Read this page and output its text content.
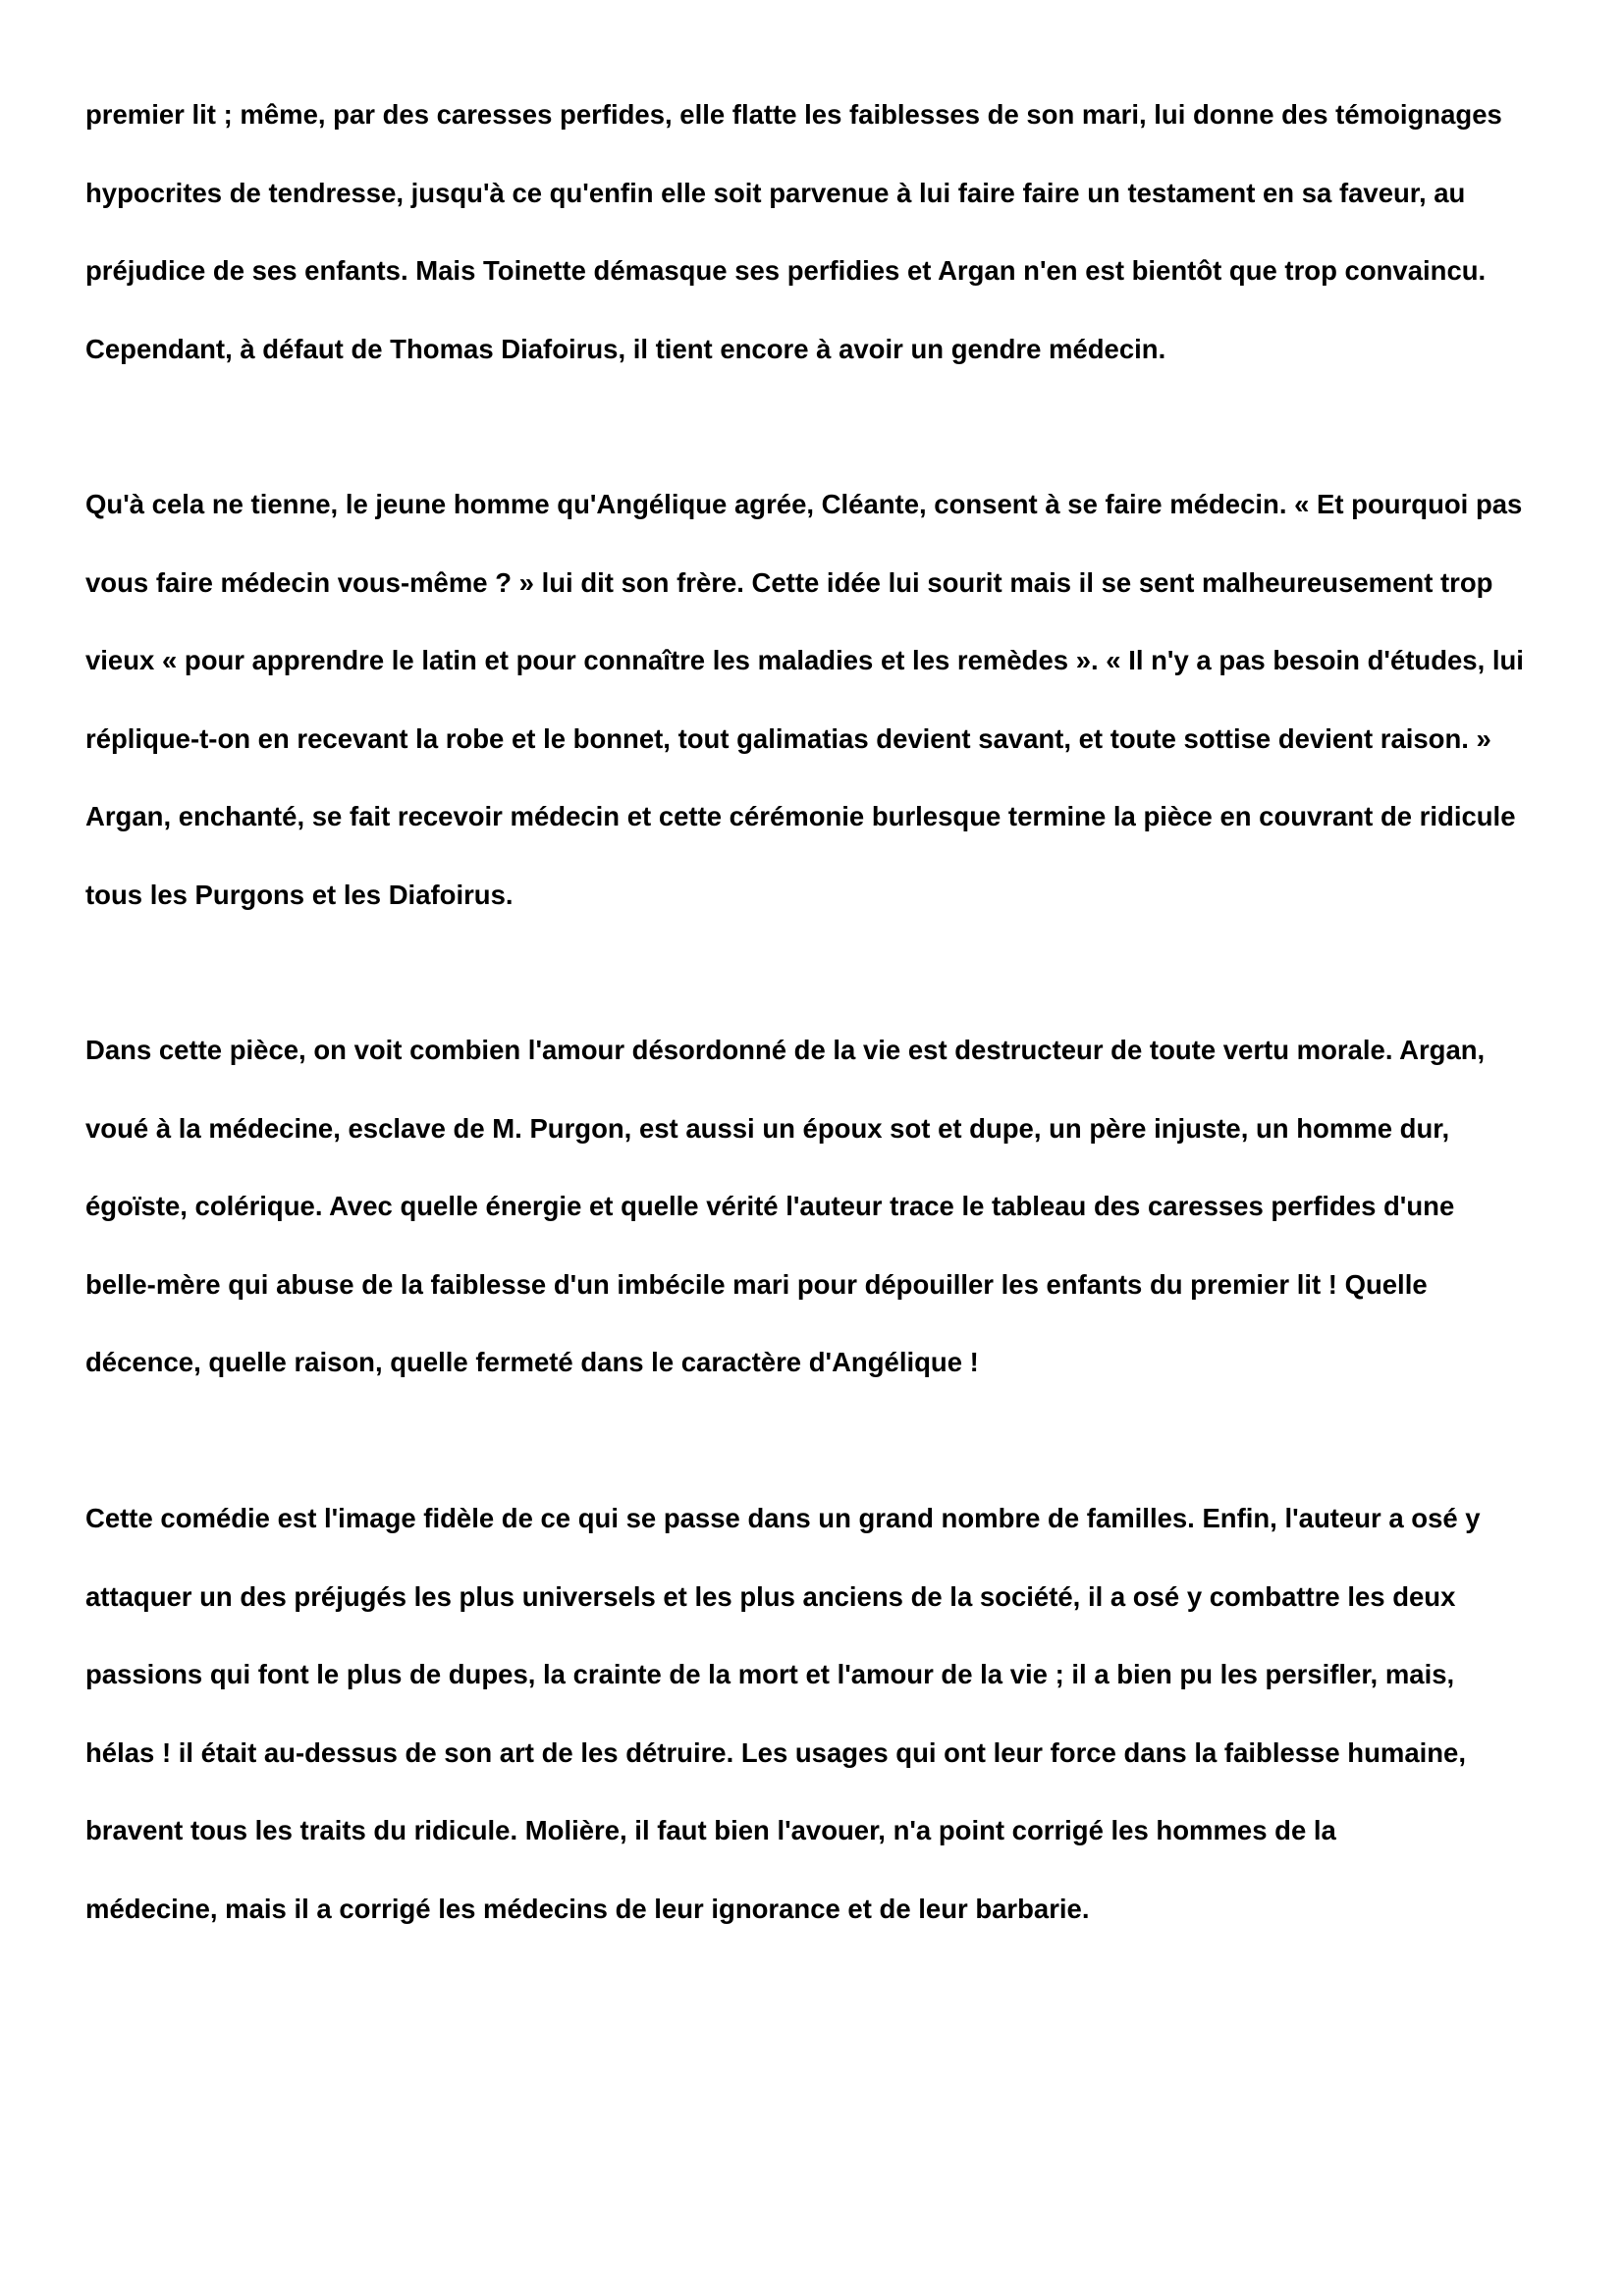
premier lit ; même, par des caresses perfides, elle flatte les faiblesses de son mari, lui donne des témoignages
hypocrites de tendresse, jusqu'à ce qu'enfin elle soit parvenue à lui faire faire un testament en sa faveur, au
préjudice de ses enfants. Mais Toinette démasque ses perfidies et Argan n'en est bientôt que trop convaincu.
Cependant, à défaut de Thomas Diafoirus, il tient encore à avoir un gendre médecin.

Qu'à cela ne tienne, le jeune homme qu'Angélique agrée, Cléante, consent à se faire médecin. « Et pourquoi pas
vous faire médecin vous-même ? » lui dit son frère. Cette idée lui sourit mais il se sent malheureusement trop
vieux « pour apprendre le latin et pour connaître les maladies et les remèdes ». « Il n'y a pas besoin d'études, lui
réplique-t-on en recevant la robe et le bonnet, tout galimatias devient savant, et toute sottise devient raison. »
Argan, enchanté, se fait recevoir médecin et cette cérémonie burlesque termine la pièce en couvrant de ridicule
tous les Purgons et les Diafoirus.

Dans cette pièce, on voit combien l'amour désordonné de la vie est destructeur de toute vertu morale. Argan,
voué à la médecine, esclave de M. Purgon, est aussi un époux sot et dupe, un père injuste, un homme dur,
égoïste, colérique. Avec quelle énergie et quelle vérité l'auteur trace le tableau des caresses perfides d'une
belle-mère qui abuse de la faiblesse d'un imbécile mari pour dépouiller les enfants du premier lit ! Quelle
décence, quelle raison, quelle fermeté dans le caractère d'Angélique !

Cette comédie est l'image fidèle de ce qui se passe dans un grand nombre de familles. Enfin, l'auteur a osé y
attaquer un des préjugés les plus universels et les plus anciens de la société, il a osé y combattre les deux
passions qui font le plus de dupes, la crainte de la mort et l'amour de la vie ; il a bien pu les persifler, mais,
hélas ! il était au-dessus de son art de les détruire. Les usages qui ont leur force dans la faiblesse humaine,
bravent tous les traits du ridicule. Molière, il faut bien l'avouer, n'a point corrigé les hommes de la
médecine, mais il a corrigé les médecins de leur ignorance et de leur barbarie.
